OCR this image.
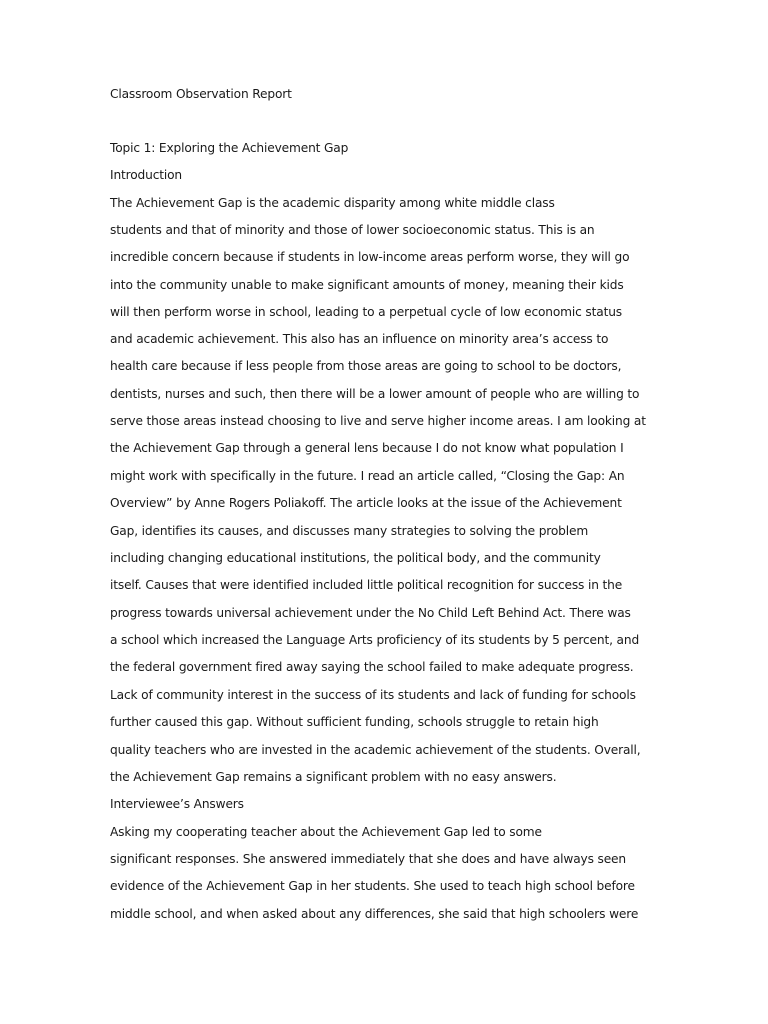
Classroom Observation Report
Topic 1: Exploring the Achievement Gap
Introduction
The Achievement Gap is the academic disparity among white middle class
students and that of minority and those of lower socioeconomic status. This is an
incredible concern because if students in low-income areas perform worse, they will go
into the community unable to make significant amounts of money, meaning their kids
will then perform worse in school, leading to a perpetual cycle of low economic status
and academic achievement. This also has an influence on minority area’s access to
health care because if less people from those areas are going to school to be doctors,
dentists, nurses and such, then there will be a lower amount of people who are willing to
serve those areas instead choosing to live and serve higher income areas. I am looking at
the Achievement Gap through a general lens because I do not know what population I
might work with specifically in the future. I read an article called, “Closing the Gap: An
Overview” by Anne Rogers Poliakoff. The article looks at the issue of the Achievement
Gap, identifies its causes, and discusses many strategies to solving the problem
including changing educational institutions, the political body, and the community
itself. Causes that were identified included little political recognition for success in the
progress towards universal achievement under the No Child Left Behind Act. There was
a school which increased the Language Arts proficiency of its students by 5 percent, and
the federal government fired away saying the school failed to make adequate progress.
Lack of community interest in the success of its students and lack of funding for schools
further caused this gap. Without sufficient funding, schools struggle to retain high
quality teachers who are invested in the academic achievement of the students. Overall,
the Achievement Gap remains a significant problem with no easy answers.
Interviewee’s Answers
Asking my cooperating teacher about the Achievement Gap led to some
significant responses. She answered immediately that she does and have always seen
evidence of the Achievement Gap in her students. She used to teach high school before
middle school, and when asked about any differences, she said that high schoolers were
